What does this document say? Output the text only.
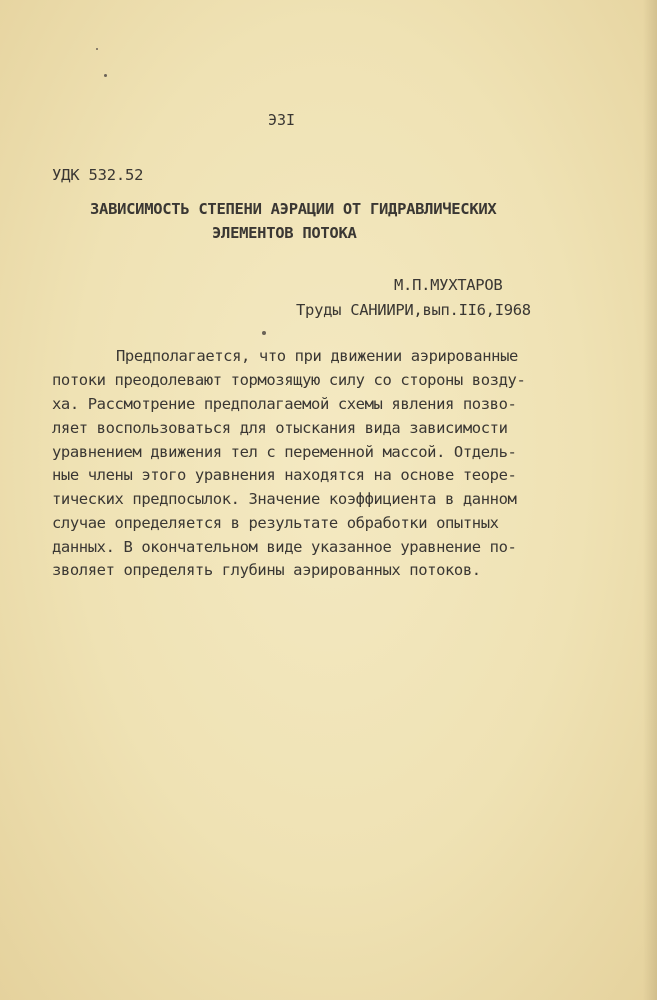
ЭЗI
УДК 532.52
ЗАВИСИМОСТЬ СТЕПЕНИ АЭРАЦИИ ОТ ГИДРАВЛИЧЕСКИХ
ЭЛЕМЕНТОВ ПОТОКА
М.П.МУХТАРОВ
Труды САНИИРИ,вып.II6,I968
Предполагается, что при движении аэрированные
потоки преодолевают тормозящую силу со стороны возду-
ха. Рассмотрение предполагаемой схемы явления позво-
ляет воспользоваться для отыскания вида зависимости
уравнением движения тел с переменной массой. Отдель-
ные члены этого уравнения находятся на основе теоре-
тических предпосылок. Значение коэффициента в данном
случае определяется в результате обработки опытных
данных. В окончательном виде указанное уравнение по-
зволяет определять глубины аэрированных потоков.
